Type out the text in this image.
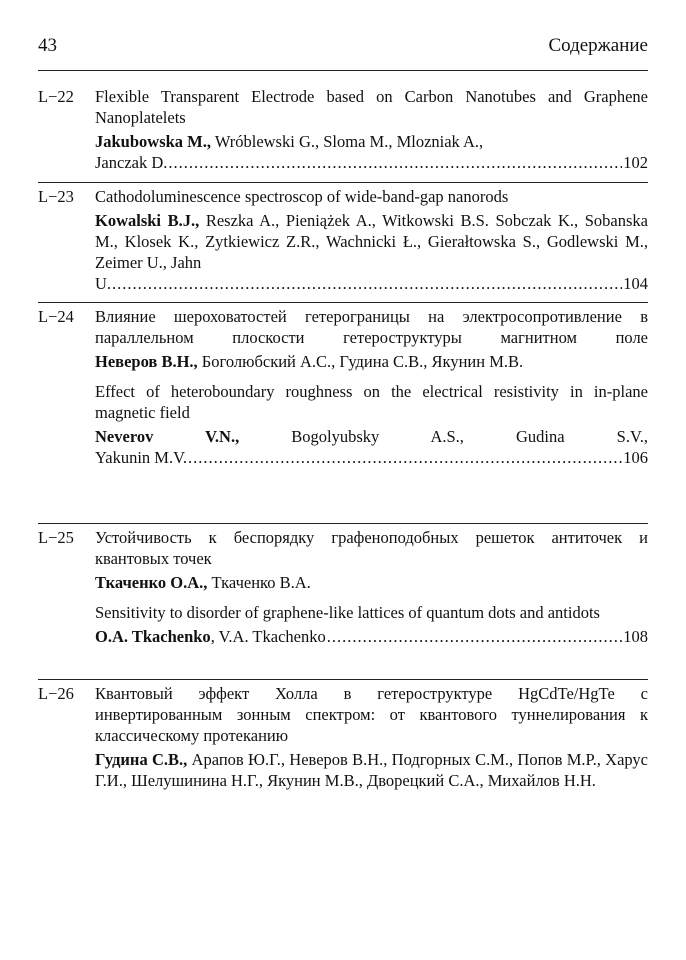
43	Содержание
L−22 Flexible Transparent Electrode based on Carbon Nanotubes and Graphene Nanoplatelets
Jakubowska M., Wróblewski G., Sloma M., Mlozniak A.,
Janczak D. .....	102
L−23 Cathodoluminescence spectroscop of wide-band-gap nanorods
Kowalski B.J., Reszka A., Pieniążek A., Witkowski B.S. Sobczak K., Sobanska M., Klosek K., Zytkiewicz Z.R., Wachnicki Ł., Gierałtowska S., Godlewski M., Zeimer U., Jahn
U. .....	104
L−24 Влияние шероховатостей гетерограницы на электросопротивление в параллельном плоскости гетероструктуры магнитном поле
Неверов В.Н., Боголюбский А.С., Гудина С.В., Якунин М.В.
Effect of heteroboundary roughness on the electrical resistivity in in-plane magnetic field
Neverov V.N., Bogolyubsky A.S., Gudina S.V.,
Yakunin M.V. .....	106
L−25 Устойчивость к беспорядку графеноподобных решеток антиточек и квантовых точек
Ткаченко О.А., Ткаченко В.А.
Sensitivity to disorder of graphene-like lattices of quantum dots and antidots
O.A. Tkachenko, V.A. Tkachenko .....	108
L−26 Квантовый эффект Холла в гетероструктуре HgCdTe/HgTe с инвертированным зонным спектром: от квантового туннелирования к классическому протеканию
Гудина С.В., Арапов Ю.Г., Неверов В.Н., Подгорных С.М., Попов М.Р., Харус Г.И., Шелушинина Н.Г., Якунин М.В., Дворецкий С.А., Михайлов Н.Н.
